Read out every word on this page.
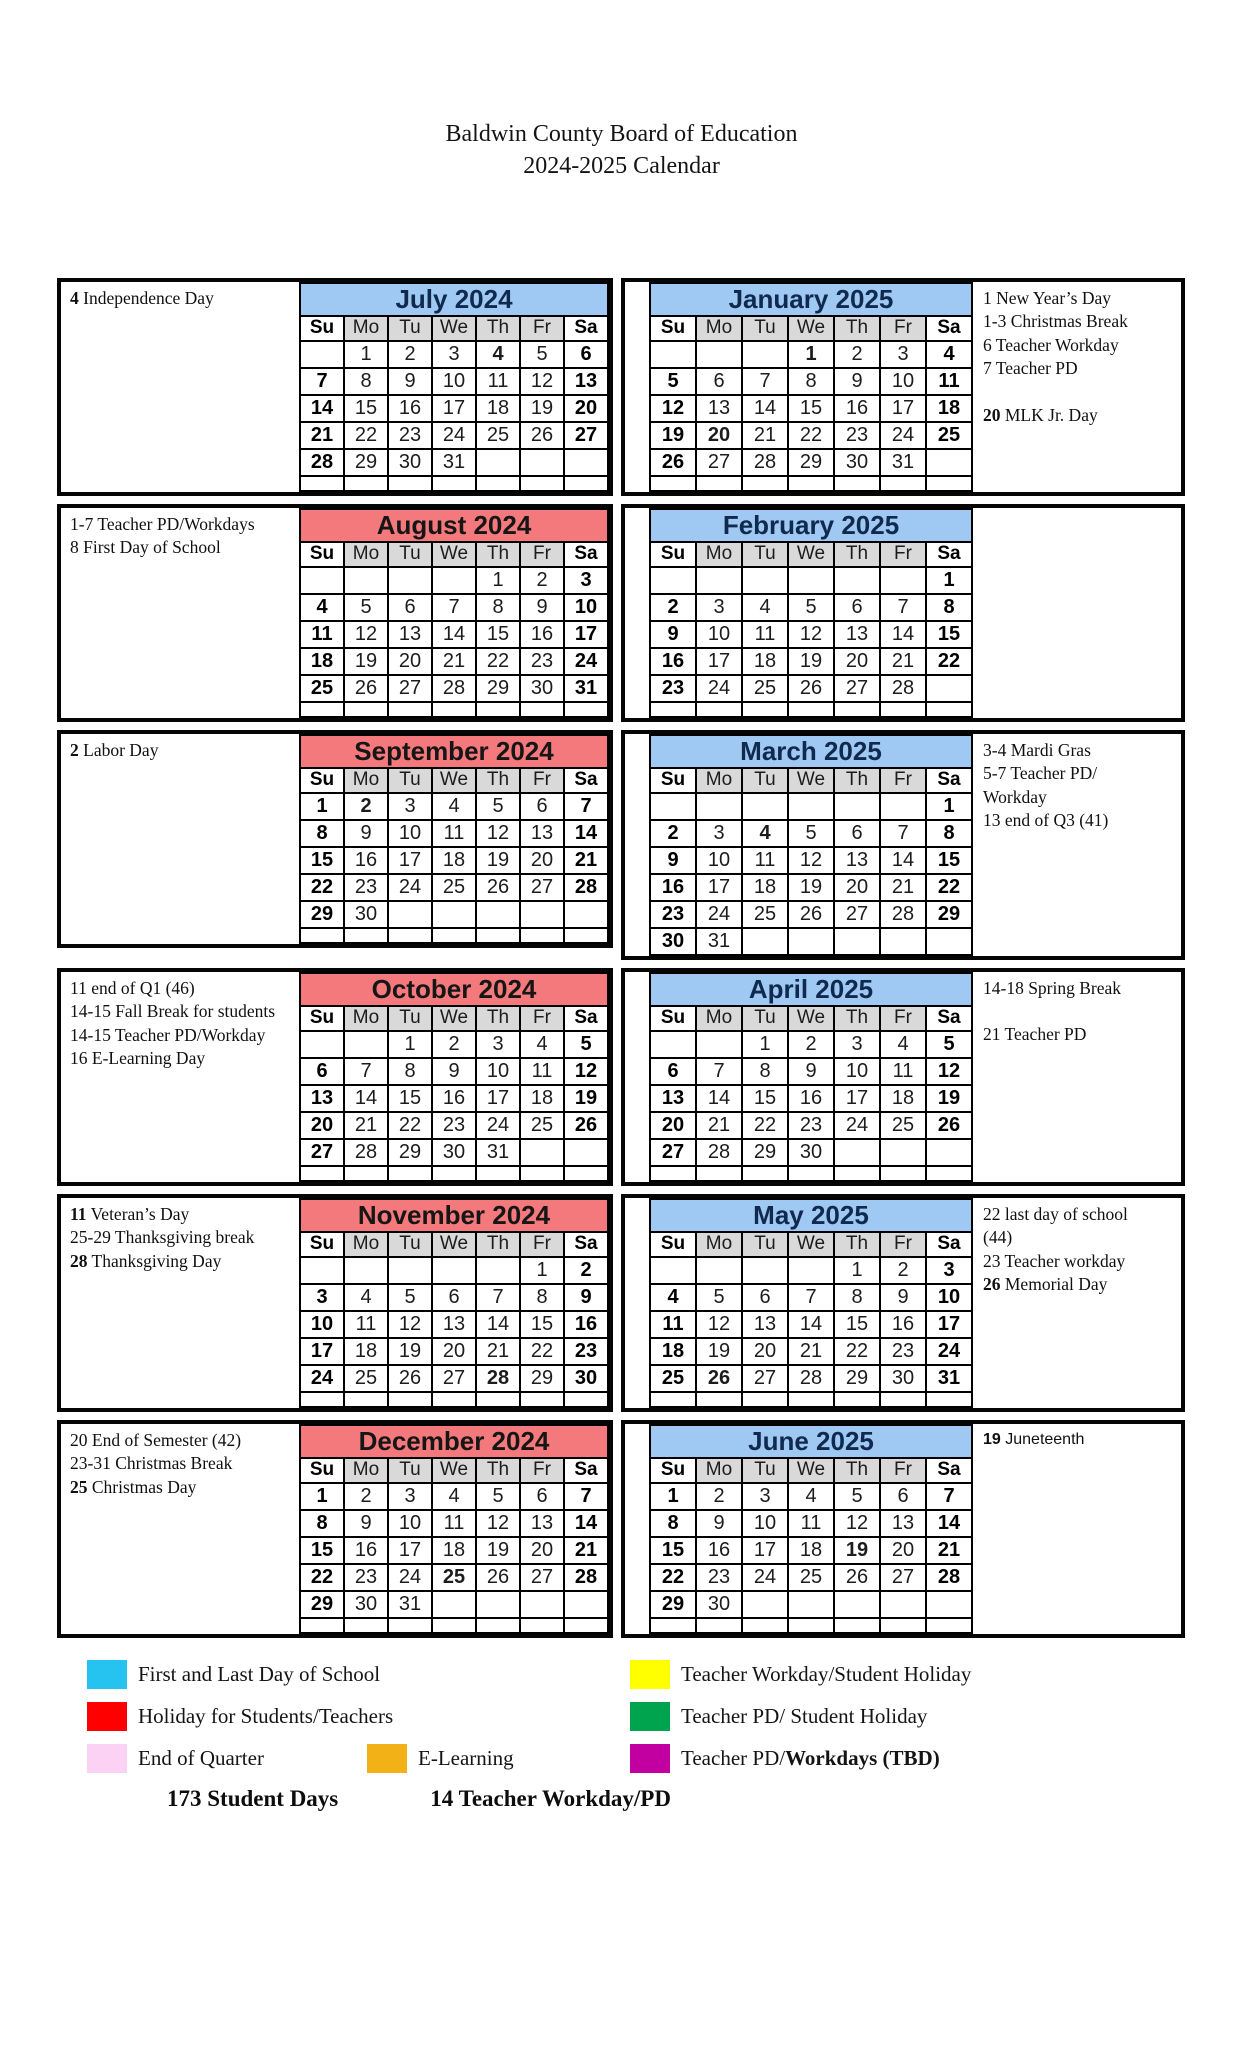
Baldwin County Board of Education
2024-2025 Calendar
4 Independence Day	July 2024						
Su	Mo	Tu	We	Th	Fr	Sa
	1	2	3	4	5	6
7	8	9	10	11	12	13
14	15	16	17	18	19	20
21	22	23	24	25	26	27
28	29	30	31			

January 2025						
Su	Mo	Tu	We	Th	Fr	Sa
			1	2	3	4
5	6	7	8	9	10	11
12	13	14	15	16	17	18
19	20	21	22	23	24	25
26	27	28	29	30	31	

1 New Year’s Day
1-3 Christmas Break
6 Teacher Workday
7 Teacher PD
20 MLK Jr. Day
1-7 Teacher PD/Workdays
8 First Day of School
August 2024						
Su	Mo	Tu	We	Th	Fr	Sa
				1	2	3
4	5	6	7	8	9	10
11	12	13	14	15	16	17
18	19	20	21	22	23	24
25	26	27	28	29	30	31

February 2025						
Su	Mo	Tu	We	Th	Fr	Sa
						1
2	3	4	5	6	7	8
9	10	11	12	13	14	15
16	17	18	19	20	21	22
23	24	25	26	27	28	

2 Labor Day	September 2024						
Su	Mo	Tu	We	Th	Fr	Sa
1	2	3	4	5	6	7
8	9	10	11	12	13	14
15	16	17	18	19	20	21
22	23	24	25	26	27	28
29	30					

March 2025						
Su	Mo	Tu	We	Th	Fr	Sa
						1
2	3	4	5	6	7	8
9	10	11	12	13	14	15
16	17	18	19	20	21	22
23	24	25	26	27	28	29
30	31					
3-4 Mardi Gras
5-7 Teacher PD/
Workday
13 end of Q3 (41)
11 end of Q1 (46)
14-15 Fall Break for students
14-15 Teacher PD/Workday
16 E-Learning Day
October 2024						
Su	Mo	Tu	We	Th	Fr	Sa
		1	2	3	4	5
6	7	8	9	10	11	12
13	14	15	16	17	18	19
20	21	22	23	24	25	26
27	28	29	30	31		

April 2025						
Su	Mo	Tu	We	Th	Fr	Sa
		1	2	3	4	5
6	7	8	9	10	11	12
13	14	15	16	17	18	19
20	21	22	23	24	25	26
27	28	29	30			

14-18 Spring Break
21 Teacher PD
11 Veteran’s Day
25-29 Thanksgiving break
28 Thanksgiving Day
November 2024						
Su	Mo	Tu	We	Th	Fr	Sa
					1	2
3	4	5	6	7	8	9
10	11	12	13	14	15	16
17	18	19	20	21	22	23
24	25	26	27	28	29	30

May 2025						
Su	Mo	Tu	We	Th	Fr	Sa
				1	2	3
4	5	6	7	8	9	10
11	12	13	14	15	16	17
18	19	20	21	22	23	24
25	26	27	28	29	30	31

22 last day of school
(44)
23 Teacher workday
26 Memorial Day
20 End of Semester (42)
23-31 Christmas Break
25 Christmas Day
December 2024						
Su	Mo	Tu	We	Th	Fr	Sa
1	2	3	4	5	6	7
8	9	10	11	12	13	14
15	16	17	18	19	20	21
22	23	24	25	26	27	28
29	30	31				

June 2025						
Su	Mo	Tu	We	Th	Fr	Sa
1	2	3	4	5	6	7
8	9	10	11	12	13	14
15	16	17	18	19	20	21
22	23	24	25	26	27	28
29	30					

19 Juneteenth
First and Last Day of School	Teacher Workday/Student Holiday
Holiday for Students/Teachers	Teacher PD/ Student Holiday
End of Quarter	E-Learning	Teacher PD/Workdays (TBD)
173 Student Days	14 Teacher Workday/PD
